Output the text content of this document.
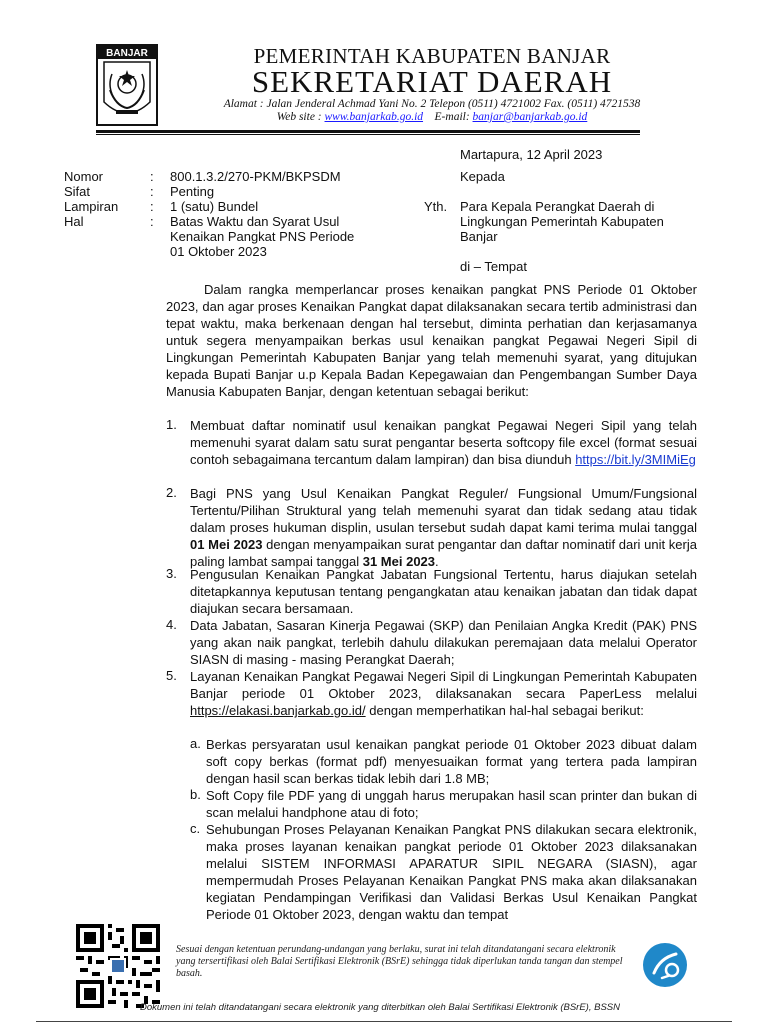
BANJAR	PEMERINTAH KABUPATEN BANJAR
SEKRETARIAT DAERAH
Alamat : Jalan Jenderal Achmad Yani No. 2 Telepon (0511) 4721002 Fax. (0511) 4721538
Web site : www.banjarkab.go.id E-mail: banjar@banjarkab.go.id
Martapura, 12 April 2023
Nomor	: 800.1.3.2/270-PKM/BKPSDM
Sifat	: Penting
Lampiran : 1 (satu) Bundel
Hal	: Batas Waktu dan Syarat Usul
Kenaikan Pangkat PNS Periode
01 Oktober 2023
Kepada
Yth. Para Kepala Perangkat Daerah di
Lingkungan Pemerintah Kabupaten
Banjar
di – Tempat
Dalam rangka memperlancar proses kenaikan pangkat PNS Periode 01 Oktober 2023, dan agar proses Kenaikan Pangkat dapat dilaksanakan secara tertib administrasi dan tepat waktu, maka berkenaan dengan hal tersebut, diminta perhatian dan kerjasamanya untuk segera menyampaikan berkas usul kenaikan pangkat Pegawai Negeri Sipil di Lingkungan Pemerintah Kabupaten Banjar yang telah memenuhi syarat, yang ditujukan kepada Bupati Banjar u.p Kepala Badan Kepegawaian dan Pengembangan Sumber Daya Manusia Kabupaten Banjar, dengan ketentuan sebagai berikut:
1. Membuat daftar nominatif usul kenaikan pangkat Pegawai Negeri Sipil yang telah memenuhi syarat dalam satu surat pengantar beserta softcopy file excel (format sesuai contoh sebagaimana tercantum dalam lampiran) dan bisa diunduh https://bit.ly/3MIMiEg
2. Bagi PNS yang Usul Kenaikan Pangkat Reguler/ Fungsional Umum/Fungsional Tertentu/Pilihan Struktural yang telah memenuhi syarat dan tidak sedang atau tidak dalam proses hukuman displin, usulan tersebut sudah dapat kami terima mulai tanggal 01 Mei 2023 dengan menyampaikan surat pengantar dan daftar nominatif dari unit kerja paling lambat sampai tanggal 31 Mei 2023.
3. Pengusulan Kenaikan Pangkat Jabatan Fungsional Tertentu, harus diajukan setelah ditetapkannya keputusan tentang pengangkatan atau kenaikan jabatan dan tidak dapat diajukan secara bersamaan.
4. Data Jabatan, Sasaran Kinerja Pegawai (SKP) dan Penilaian Angka Kredit (PAK) PNS yang akan naik pangkat, terlebih dahulu dilakukan peremajaan data melalui Operator SIASN di masing - masing Perangkat Daerah;
5. Layanan Kenaikan Pangkat Pegawai Negeri Sipil di Lingkungan Pemerintah Kabupaten Banjar periode 01 Oktober 2023, dilaksanakan secara PaperLess melalui https://elakasi.banjarkab.go.id/ dengan memperhatikan hal-hal sebagai berikut:
a. Berkas persyaratan usul kenaikan pangkat periode 01 Oktober 2023 dibuat dalam soft copy berkas (format pdf) menyesuaikan format yang tertera pada lampiran dengan hasil scan berkas tidak lebih dari 1.8 MB;
b. Soft Copy file PDF yang di unggah harus merupakan hasil scan printer dan bukan di scan melalui handphone atau di foto;
c. Sehubungan Proses Pelayanan Kenaikan Pangkat PNS dilakukan secara elektronik, maka proses layanan kenaikan pangkat periode 01 Oktober 2023 dilaksanakan melalui SISTEM INFORMASI APARATUR SIPIL NEGARA (SIASN), agar mempermudah Proses Pelayanan Kenaikan Pangkat PNS maka akan dilaksanakan kegiatan Pendampingan Verifikasi dan Validasi Berkas Usul Kenaikan Pangkat Periode 01 Oktober 2023, dengan waktu dan tempat
Sesuai dengan ketentuan perundang-undangan yang berlaku, surat ini telah ditandatangani secara elektronik yang tersertifikasi oleh Balai Sertifikasi Elektronik (BSrE) sehingga tidak diperlukan tanda tangan dan stempel basah.
Dokumen ini telah ditandatangani secara elektronik yang diterbitkan oleh Balai Sertifikasi Elektronik (BSrE), BSSN
